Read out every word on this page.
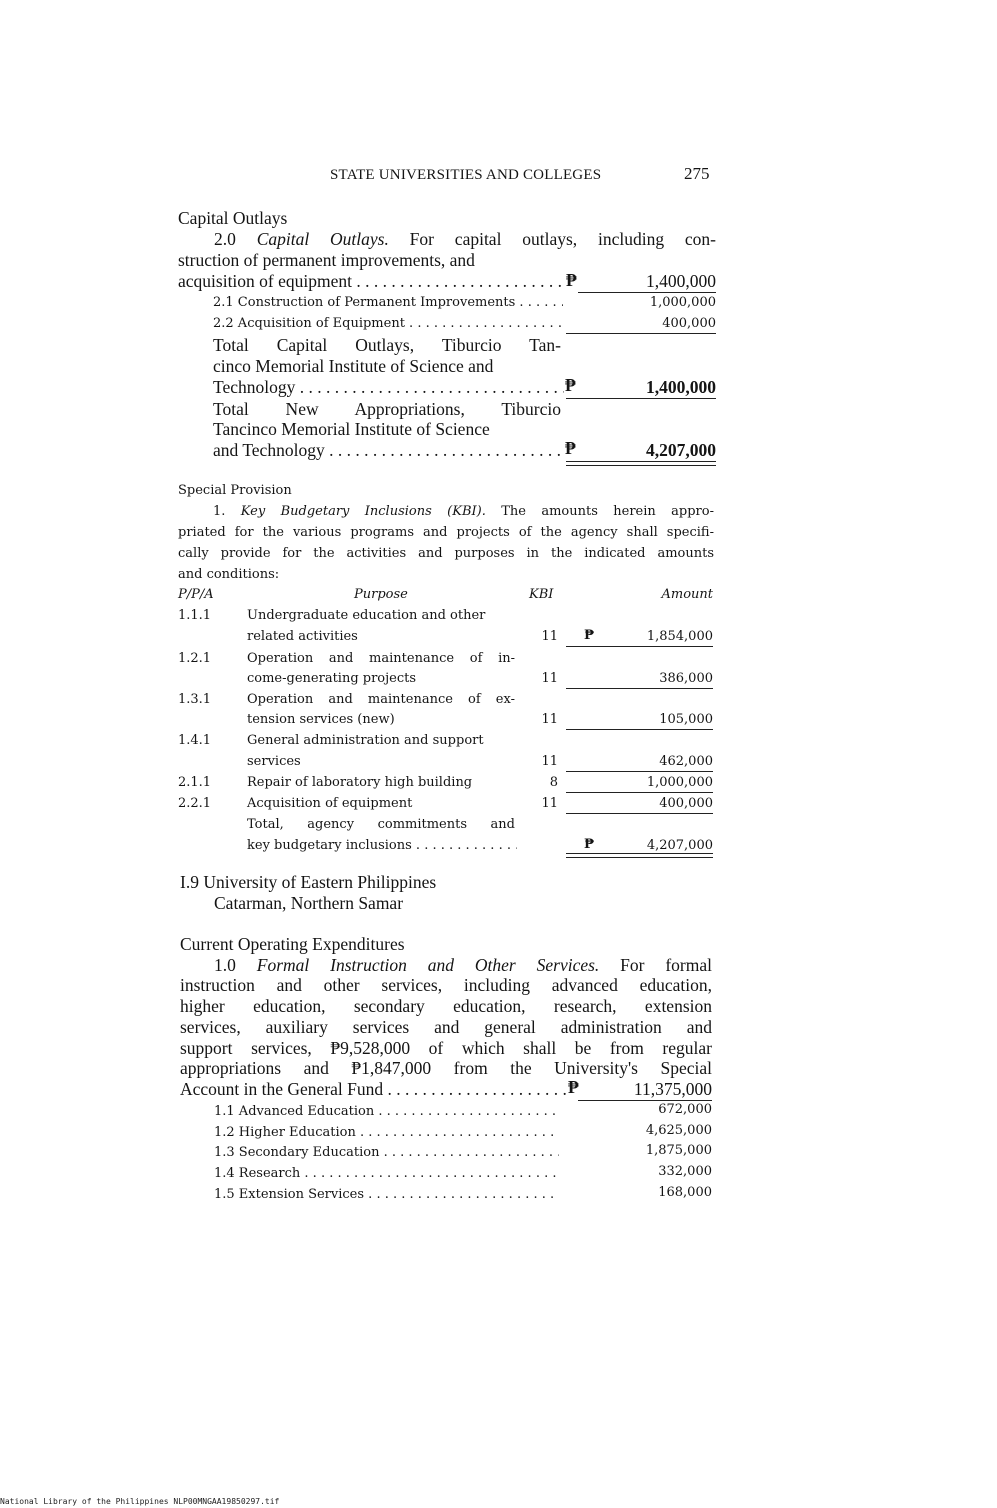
STATE UNIVERSITIES AND COLLEGES	275
Capital Outlays
2.0 Capital Outlays. For capital outlays, including con-
struction of permanent improvements, and
acquisition of equipment . . .	₱	1,400,000
2.1 Construction of Permanent Improvements . . .	1,000,000
2.2 Acquisition of Equipment . . .	400,000
Total Capital Outlays, Tiburcio Tan-
cinco Memorial Institute of Science and
Technology . . .	₱	1,400,000
Total New Appropriations, Tiburcio
Tancinco Memorial Institute of Science
and Technology . . .	₱	4,207,000
Special Provision
1. Key Budgetary Inclusions (KBI). The amounts herein appro-
priated for the various programs and projects of the agency shall specifi-
cally provide for the activities and purposes in the indicated amounts
and conditions:
P/P/A	Purpose	KBI	Amount
1.1.1	Undergraduate education and other
related activities	11 ₱	1,854,000
1.2.1	Operation and maintenance of in-
come-generating projects	11	386,000
1.3.1	Operation and maintenance of ex-
tension services (new)	11	105,000
1.4.1	General administration and support
services	11	462,000
2.1.1	Repair of laboratory high building	8	1,000,000
2.2.1	Acquisition of equipment	11	400,000
Total, agency commitments and
key budgetary inclusions . . .	₱	4,207,000
I.9 University of Eastern Philippines
Catarman, Northern Samar
Current Operating Expenditures
1.0 Formal Instruction and Other Services. For formal
instruction and other services, including advanced education,
higher education, secondary education, research, extension
services, auxiliary services and general administration and
support services, ₱9,528,000 of which shall be from regular
appropriations and ₱1,847,000 from the University's Special
Account in the General Fund . . .	₱	11,375,000
1.1 Advanced Education . . .	672,000
1.2 Higher Education . . .	4,625,000
1.3 Secondary Education . . .	1,875,000
1.4 Research . . .	332,000
1.5 Extension Services . . .	168,000
National Library of the Philippines NLP00MNGAA19850297.tif
